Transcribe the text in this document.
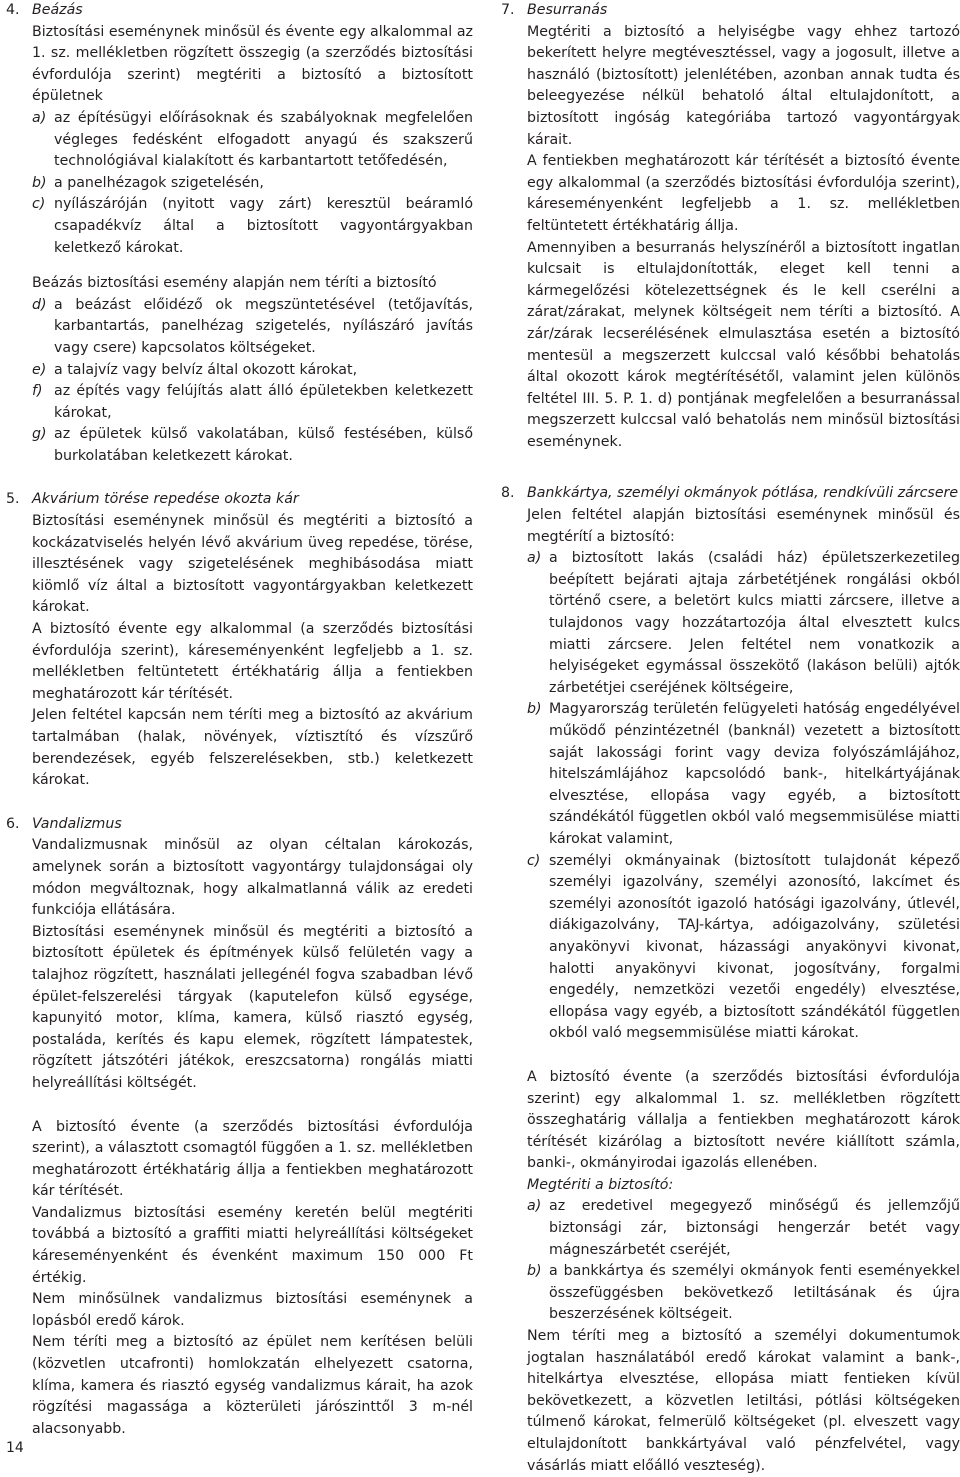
4. Beázás

Biztosítási eseménynek minősül és évente egy alkalommal az 1. sz. mellékletben rögzített összegig (a szerződés biztosítási évfordulója szerint) megtériti a biztosító a biztosított épületnek

a) az építésügyi előírásoknak és szabályoknak megfelelően végleges fedésként elfogadott anyagú és szakszerű technológiával kialakított és karbantartott tetőfedésén,
b) a panelhézagok szigetelésén,
c) nyílászáróján (nyitott vagy zárt) keresztül beáramló csapadékvíz által a biztosított vagyontárgyakban keletkező károkat.

Beázás biztosítási esemény alapján nem téríti a biztosító

d) a beázást előidéző ok megszüntetésével (tetőjavítás, karbantartás, panelhézag szigetelés, nyílászáró javítás vagy csere) kapcsolatos költségeket.
e) a talajvíz vagy belvíz által okozott károkat,
f) az építés vagy felújítás alatt álló épületekben keletkezett károkat,
g) az épületek külső vakolatában, külső festésében, külső burkolatában keletkezett károkat.
5. Akvárium törése repedése okozta kár

Biztosítási eseménynek minősül és megtériti a biztosító a kockázatviselés helyén lévő akvárium üveg repedése, törése, illesztésének vagy szigetelésének meghibásodása miatt kiömlő víz által a biztosított vagyontárgyakban keletkezett károkat.

A biztosító évente egy alkalommal (a szerződés biztosítási évfordulója szerint), káreseményenként legfeljebb a 1. sz. mellékletben feltüntetett értékhatárig állja a fentiekben meghatározott kár térítését.

Jelen feltétel kapcsán nem téríti meg a biztosító az akvárium tartalmában (halak, növények, víztisztító és vízszűrő berendezések, egyéb felszerelésekben, stb.) keletkezett károkat.

6. Vandalizmus

Vandalizmusnak minősül az olyan céltalan károkozás, amelynek során a biztosított vagyontárgy tulajdonságai oly módon megváltoznak, hogy alkalmatlanná válik az eredeti funkciója ellátására.

Biztosítási eseménynek minősül és megtériti a biztosító a biztosított épületek és építmények külső felületén vagy a talajhoz rögzített, használati jellegénél fogva szabadban lévő épület-felszerelési tárgyak (kaputelefon külső egysége, kapunyitó motor, klíma, kamera, külső riasztó egység, postaláda, kerítés és kapu elemek, rögzített lámpatestek, rögzített játszótéri játékok, ereszcsatorna) rongálás miatti helyreállítási költségét.

A biztosító évente (a szerződés biztosítási évfordulója szerint), a választott csomagtól függően a 1. sz. mellékletben meghatározott értékhatárig állja a fentiekben meghatározott kár térítését.

Vandalizmus biztosítási esemény keretén belül megtériti továbbá a biztosító a graffiti miatti helyreállítási költségeket káreseményenként és évenként maximum 150 000 Ft értékig.

Nem minősülnek vandalizmus biztosítási eseménynek a lopásból eredő károk.

Nem téríti meg a biztosító az épület nem kerítésen belüli (közvetlen utcafronti) homlokzatán elhelyezett csatorna, klíma, kamera és riasztó egység vandalizmus kárait, ha azok rögzítési magassága a közterületi járószinttől 3 m-nél alacsonyabb.

7. Besurranás

Megtériti a biztosító a helyiségbe vagy ehhez tartozó bekerített helyre megtévesztéssel, vagy a jogosult, illetve a használó (biztosított) jelenlétében, azonban annak tudta és beleegyezése nélkül behatoló által eltulajdonított, a biztosított ingóság kategóriába tartozó vagyontárgyak kárait.

A fentiekben meghatározott kár térítését a biztosító évente egy alkalommal (a szerződés biztosítási évfordulója szerint), káreseményenként legfeljebb a 1. sz. mellékletben feltüntetett értékhatárig állja.

Amennyiben a besurranás helyszínéről a biztosított ingatlan kulcsait is eltulajdonították, eleget kell tenni a kármegelőzési kötelezettségnek és le kell cserélni a zárat/zárakat, melynek költségeit nem téríti a biztosító. A zár/zárak lecserélésének elmulasztása esetén a biztosító mentesül a megszerzett kulccsal való későbbi behatolás által okozott károk megtérítésétől, valamint jelen különös feltétel III. 5. P. 1. d) pontjának megfelelően a besurranással megszerzett kulccsal való behatolás nem minősül biztosítási eseménynek.

8. Bankkártya, személyi okmányok pótlása, rendkívüli zárcsere

Jelen feltétel alapján biztosítási eseménynek minősül és megtérítí a biztosító:

a) a biztosított lakás (családi ház) épületszerkezetileg beépített bejárati ajtaja zárbetétjének rongálási okból történő csere, a beletört kulcs miatti zárcsere, illetve a tulajdonos vagy hozzátartozója által elvesztett kulcs miatti zárcsere. Jelen feltétel nem vonatkozik a helyiségeket egymással összekötő (lakáson belüli) ajtók zárbetétjei cseréjének költségeire,
b) Magyarország területén felügyeleti hatóság engedélyével működő pénzintézetnél (banknál) vezetett a biztosított saját lakossági forint vagy deviza folyószámlájához, hitelszámlájához kapcsolódó bank-, hitelkártyájának elvesztése, ellopása vagy egyéb, a biztosított szándékától független okból való megsemmisülése miatti károkat valamint,
c) személyi okmányainak (biztosított tulajdonát képező személyi igazolvány, személyi azonosító, lakcímet és személyi azonosítót igazoló hatósági igazolvány, útlevél, diákigazolvány, TAJ-kártya, adóigazolvány, születési anyakönyvi kivonat, házassági anyakönyvi kivonat, halotti anyakönyvi kivonat, jogosítvány, forgalmi engedély, nemzetközi vezetői engedély) elvesztése, ellopása vagy egyéb, a biztosított szándékától független okból való megsemmisülése miatti károkat.

A biztosító évente (a szerződés biztosítási évfordulója szerint) egy alkalommal 1. sz. mellékletben rögzített összeghatárig vállalja a fentiekben meghatározott károk térítését kizárólag a biztosított nevére kiállított számla, banki-, okmányirodai igazolás ellenében.

Megtériti a biztosító:
a) az eredetivel megegyező minőségű és jellemzőjű biztonsági zár, biztonsági hengerzár betét vagy mágneszárbetét cseréjét,
b) a bankkártya és személyi okmányok fenti eseményekkel összefüggésben bekövetkező letiltásának és újra beszerzésének költségeit.

Nem téríti meg a biztosító a személyi dokumentumok jogtalan használatából eredő károkat valamint a bank-, hitelkártya elvesztése, ellopása miatt fentieken kívül bekövetkezett, a közvetlen letiltási, pótlási költségeken túlmenő károkat, felmerülő költségeket (pl. elveszett vagy eltulajdonított bankkártyával való pénzfelvétel, vagy vásárlás miatt előálló veszteség).

14
